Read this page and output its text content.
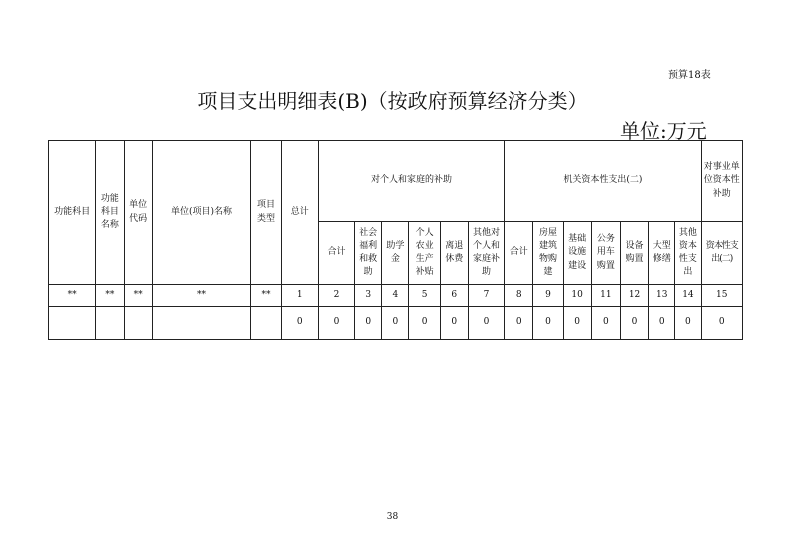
预算18表
项目支出明细表(B)（按政府预算经济分类）
单位:万元
功能科目	功能科目名称	单位代码	单位(项目)名称	项目类型	总计	对个人和家庭的补助						机关资本性支出(二)							对事业单位资本性补助
						合计	社会福利和救助	助学金	个人农业生产补贴	离退休费	其他对个人和家庭补助	合计	房屋建筑物购建	基础设施建设	公务用车购置	设备购置	大型修缮	其他资本性支出	资本性支出(二)
**	**	**	**	**	1	2	3	4	5	6	7	8	9	10	11	12	13	14	15
					0	0	0	0	0	0	0	0	0	0	0	0	0	0	0
38
